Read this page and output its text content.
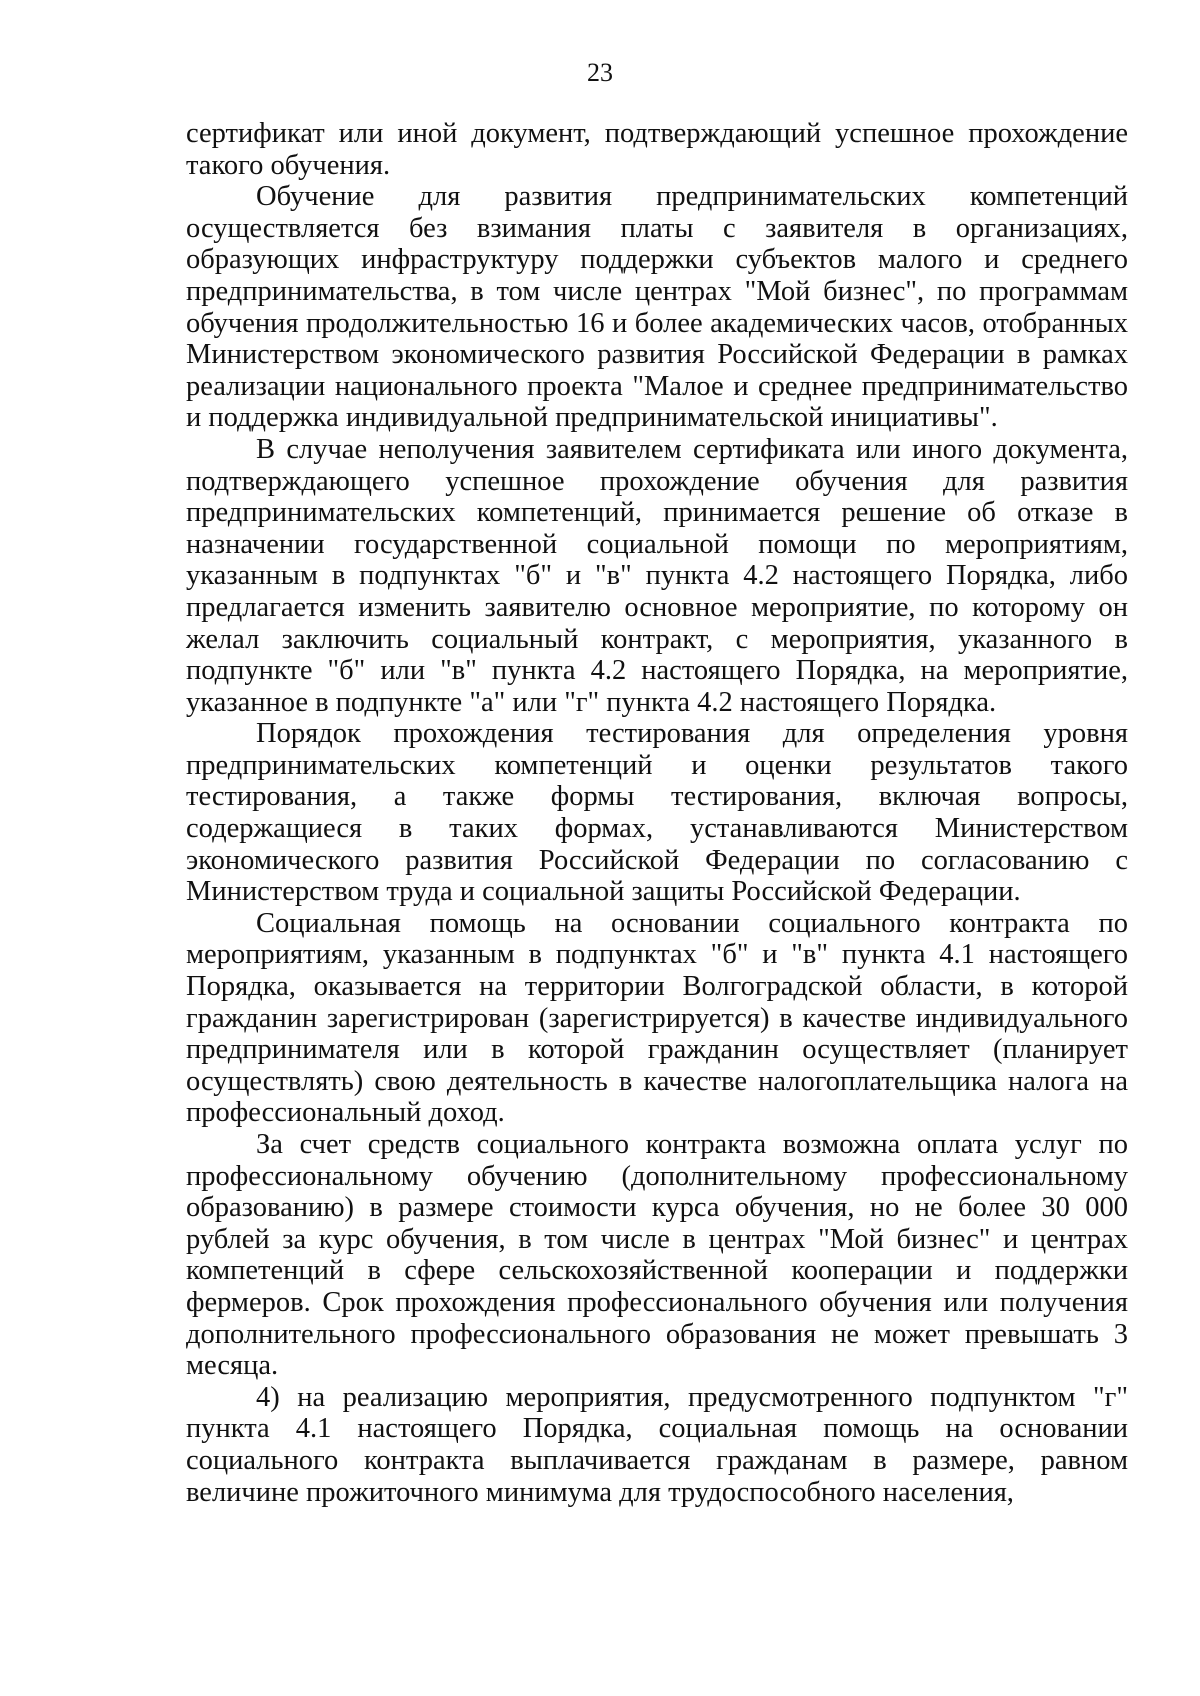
23

сертификат или иной документ, подтверждающий успешное прохождение такого обучения.

Обучение для развития предпринимательских компетенций осуществляется без взимания платы с заявителя в организациях, образующих инфраструктуру поддержки субъектов малого и среднего предпринимательства, в том числе центрах "Мой бизнес", по программам обучения продолжительностью 16 и более академических часов, отобранных Министерством экономического развития Российской Федерации в рамках реализации национального проекта "Малое и среднее предпринимательство и поддержка индивидуальной предпринимательской инициативы".

В случае неполучения заявителем сертификата или иного документа, подтверждающего успешное прохождение обучения для развития предпринимательских компетенций, принимается решение об отказе в назначении государственной социальной помощи по мероприятиям, указанным в подпунктах "б" и "в" пункта 4.2 настоящего Порядка, либо предлагается изменить заявителю основное мероприятие, по которому он желал заключить социальный контракт, с мероприятия, указанного в подпункте "б" или "в" пункта 4.2 настоящего Порядка, на мероприятие, указанное в подпункте "а" или "г" пункта 4.2 настоящего Порядка.

Порядок прохождения тестирования для определения уровня предпринимательских компетенций и оценки результатов такого тестирования, а также формы тестирования, включая вопросы, содержащиеся в таких формах, устанавливаются Министерством экономического развития Российской Федерации по согласованию с Министерством труда и социальной защиты Российской Федерации.

Социальная помощь на основании социального контракта по мероприятиям, указанным в подпунктах "б" и "в" пункта 4.1 настоящего Порядка, оказывается на территории Волгоградской области, в которой гражданин зарегистрирован (зарегистрируется) в качестве индивидуального предпринимателя или в которой гражданин осуществляет (планирует осуществлять) свою деятельность в качестве налогоплательщика налога на профессиональный доход.

За счет средств социального контракта возможна оплата услуг по профессиональному обучению (дополнительному профессиональному образованию) в размере стоимости курса обучения, но не более 30 000 рублей за курс обучения, в том числе в центрах "Мой бизнес" и центрах компетенций в сфере сельскохозяйственной кооперации и поддержки фермеров. Срок прохождения профессионального обучения или получения дополнительного профессионального образования не может превышать 3 месяца.

4) на реализацию мероприятия, предусмотренного подпунктом "г" пункта 4.1 настоящего Порядка, социальная помощь на основании социального контракта выплачивается гражданам в размере, равном величине прожиточного минимума для трудоспособного населения,
